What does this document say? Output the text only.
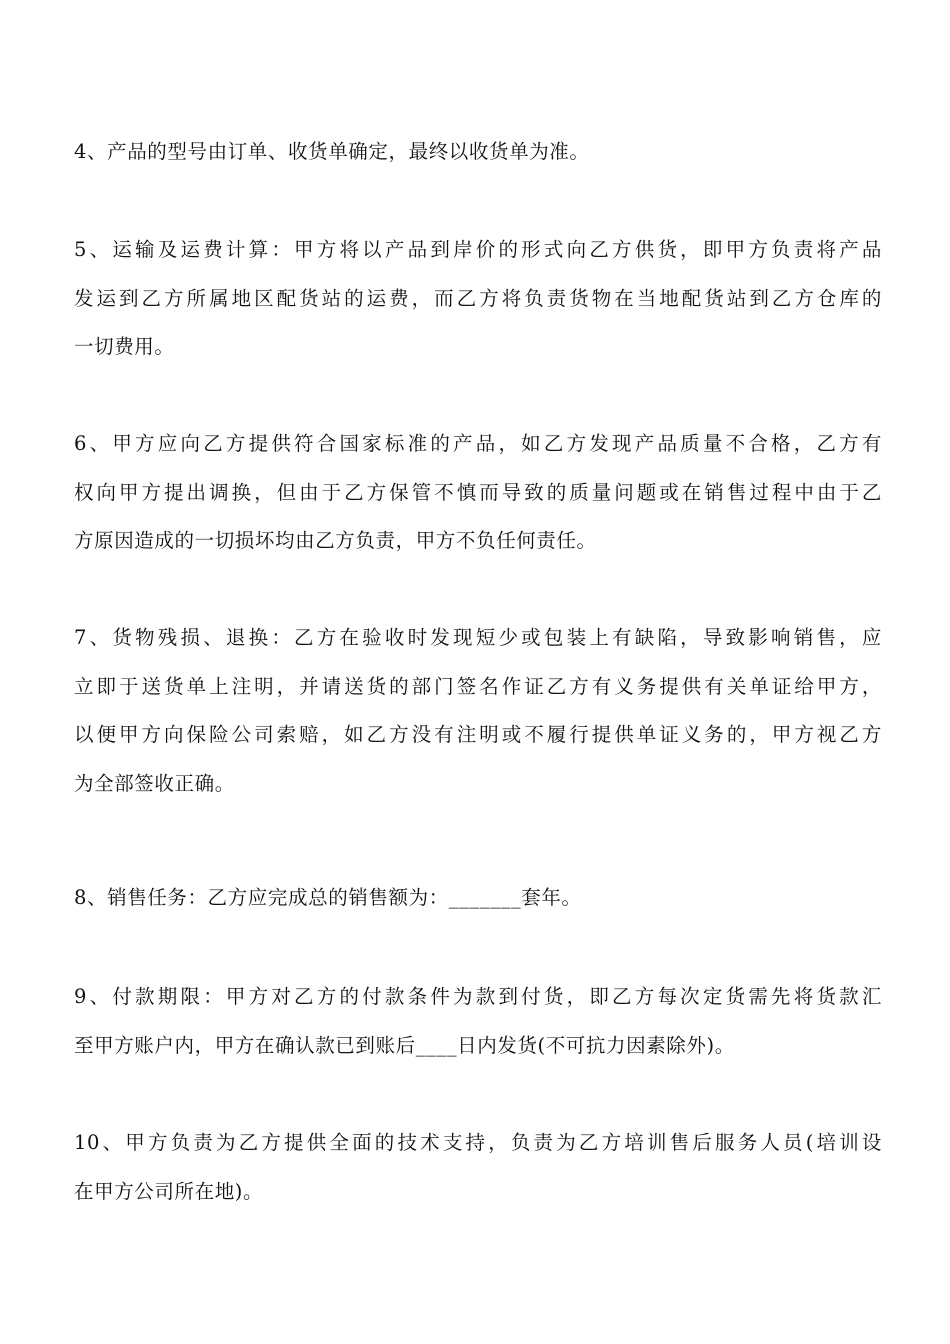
4、产品的型号由订单、收货单确定，最终以收货单为准。
5、运输及运费计算：甲方将以产品到岸价的形式向乙方供货，即甲方负责将产品
发运到乙方所属地区配货站的运费，而乙方将负责货物在当地配货站到乙方仓库的
一切费用。
6、甲方应向乙方提供符合国家标准的产品，如乙方发现产品质量不合格，乙方有
权向甲方提出调换，但由于乙方保管不慎而导致的质量问题或在销售过程中由于乙
方原因造成的一切损坏均由乙方负责，甲方不负任何责任。
7、货物残损、退换：乙方在验收时发现短少或包装上有缺陷，导致影响销售，应
立即于送货单上注明，并请送货的部门签名作证乙方有义务提供有关单证给甲方，
以便甲方向保险公司索赔，如乙方没有注明或不履行提供单证义务的，甲方视乙方
为全部签收正确。
8、销售任务：乙方应完成总的销售额为：_______套年。
9、付款期限：甲方对乙方的付款条件为款到付货，即乙方每次定货需先将货款汇
至甲方账户内，甲方在确认款已到账后____日内发货(不可抗力因素除外)。
10、甲方负责为乙方提供全面的技术支持，负责为乙方培训售后服务人员(培训设
在甲方公司所在地)。
